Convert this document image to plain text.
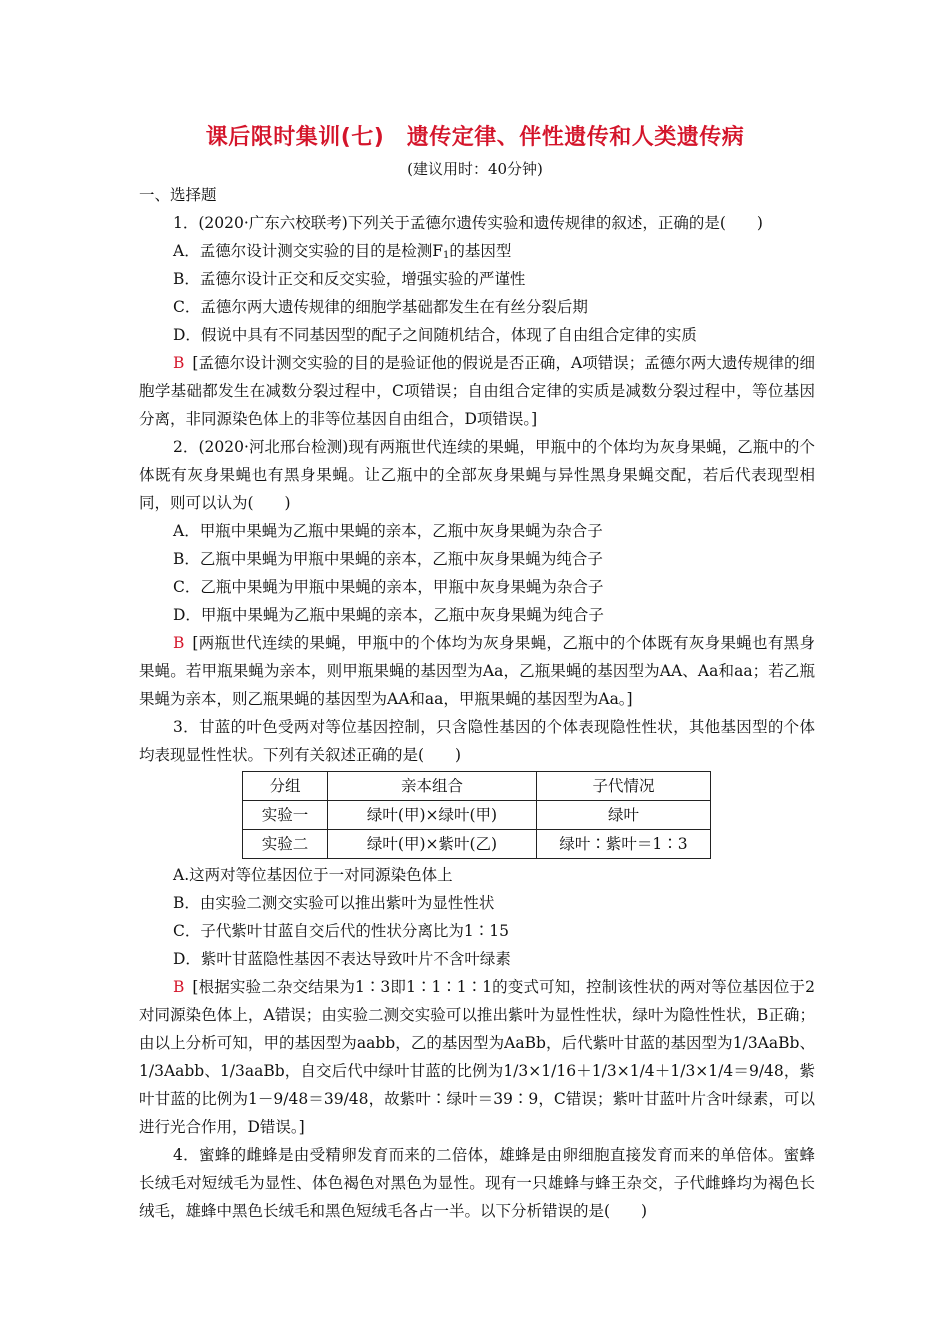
课后限时集训(七)　遗传定律、伴性遗传和人类遗传病
(建议用时：40分钟)
一、选择题
1．(2020·广东六校联考)下列关于孟德尔遗传实验和遗传规律的叙述，正确的是(　　)
A．孟德尔设计测交实验的目的是检测$F_1$的基因型
B．孟德尔设计正交和反交实验，增强实验的严谨性
C．孟德尔两大遗传规律的细胞学基础都发生在有丝分裂后期
D．假说中具有不同基因型的配子之间随机结合，体现了自由组合定律的实质
B [孟德尔设计测交实验的目的是验证他的假说是否正确，A项错误；孟德尔两大遗传规律的细胞学基础都发生在减数分裂过程中，C项错误；自由组合定律的实质是减数分裂过程中，等位基因分离，非同源染色体上的非等位基因自由组合，D项错误。]
2．(2020·河北邢台检测)现有两瓶世代连续的果蝇，甲瓶中的个体均为灰身果蝇，乙瓶中的个体既有灰身果蝇也有黑身果蝇。让乙瓶中的全部灰身果蝇与异性黑身果蝇交配，若后代表现型相同，则可以认为(　　)
A．甲瓶中果蝇为乙瓶中果蝇的亲本，乙瓶中灰身果蝇为杂合子
B．乙瓶中果蝇为甲瓶中果蝇的亲本，乙瓶中灰身果蝇为纯合子
C．乙瓶中果蝇为甲瓶中果蝇的亲本，甲瓶中灰身果蝇为杂合子
D．甲瓶中果蝇为乙瓶中果蝇的亲本，乙瓶中灰身果蝇为纯合子
B [两瓶世代连续的果蝇，甲瓶中的个体均为灰身果蝇，乙瓶中的个体既有灰身果蝇也有黑身果蝇。若甲瓶果蝇为亲本，则甲瓶果蝇的基因型为Aa，乙瓶果蝇的基因型为AA、Aa和aa；若乙瓶果蝇为亲本，则乙瓶果蝇的基因型为AA和aa，甲瓶果蝇的基因型为Aa。]
3．甘蓝的叶色受两对等位基因控制，只含隐性基因的个体表现隐性性状，其他基因型的个体均表现显性性状。下列有关叙述正确的是(　　)
分组	亲本组合	子代情况
实验一	绿叶(甲)×绿叶(甲)	绿叶
实验二	绿叶(甲)×紫叶(乙)	绿叶∶紫叶＝1∶3
A.这两对等位基因位于一对同源染色体上
B．由实验二测交实验可以推出紫叶为显性性状
C．子代紫叶甘蓝自交后代的性状分离比为1∶15
D．紫叶甘蓝隐性基因不表达导致叶片不含叶绿素
B [根据实验二杂交结果为1∶3即1∶1∶1∶1的变式可知，控制该性状的两对等位基因位于2对同源染色体上，A错误；由实验二测交实验可以推出紫叶为显性性状，绿叶为隐性性状，B正确；由以上分析可知，甲的基因型为aabb，乙的基因型为AaBb，后代紫叶甘蓝的基因型为1/3AaBb、1/3Aabb、1/3aaBb，自交后代中绿叶甘蓝的比例为1/3×1/16＋1/3×1/4＋1/3×1/4＝9/48，紫叶甘蓝的比例为1－9/48＝39/48，故紫叶∶绿叶＝39∶9，C错误；紫叶甘蓝叶片含叶绿素，可以进行光合作用，D错误。]
4．蜜蜂的雌蜂是由受精卵发育而来的二倍体，雄蜂是由卵细胞直接发育而来的单倍体。蜜蜂长绒毛对短绒毛为显性、体色褐色对黑色为显性。现有一只雄蜂与蜂王杂交，子代雌蜂均为褐色长绒毛，雄蜂中黑色长绒毛和黑色短绒毛各占一半。以下分析错误的是(　　)
